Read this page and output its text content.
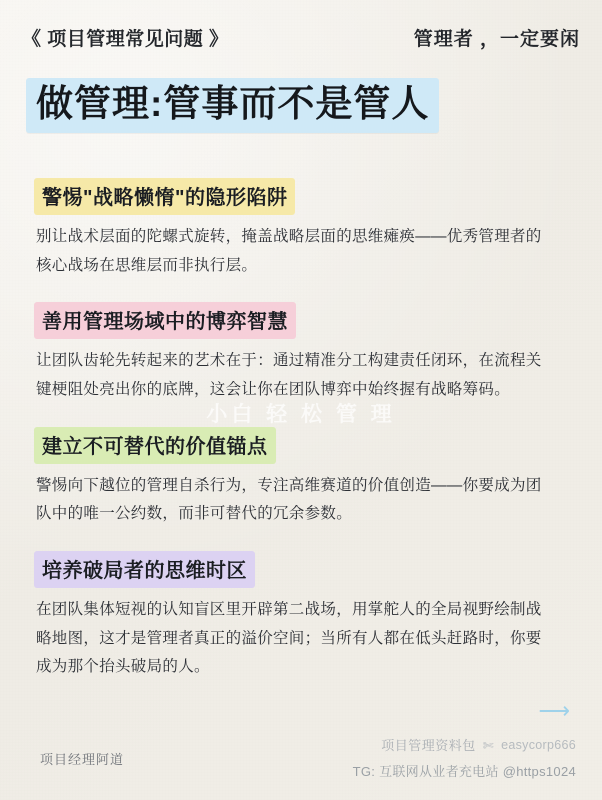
《 项目管理常见问题 》	管理者 ，一定要闲
做管理:管事而不是管人
警惕"战略懒惰"的隐形陷阱
别让战术层面的陀螺式旋转，掩盖战略层面的思维瘫痪——优秀管理者的核心战场在思维层而非执行层。
善用管理场域中的博弈智慧
让团队齿轮先转起来的艺术在于：通过精准分工构建责任闭环，在流程关键梗阻处亮出你的底牌，这会让你在团队博弈中始终握有战略筹码。
建立不可替代的价值锚点
警惕向下越位的管理自杀行为，专注高维赛道的价值创造——你要成为团队中的唯一公约数，而非可替代的冗余参数。
培养破局者的思维时区
在团队集体短视的认知盲区里开辟第二战场，用掌舵人的全局视野绘制战略地图，这才是管理者真正的溢价空间；当所有人都在低头赶路时，你要成为那个抬头破局的人。
小白 轻 松 管 理
⟶
项目经理阿道
项目管理资料包 ✄ easycorp666
TG: 互联网从业者充电站 @https1024
